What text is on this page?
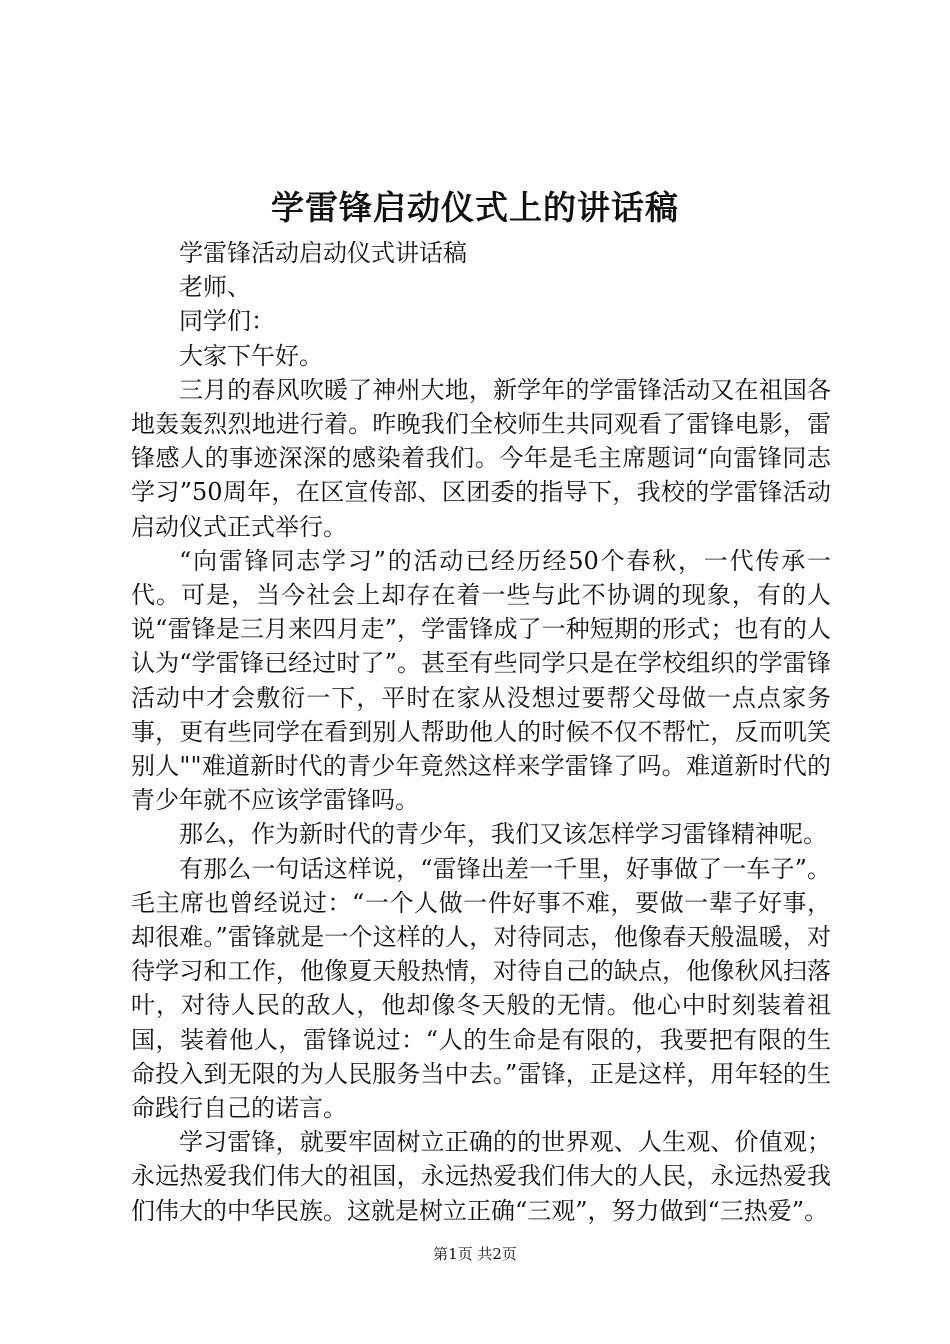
学雷锋启动仪式上的讲话稿

学雷锋活动启动仪式讲话稿

老师、

同学们：

大家下午好。

三月的春风吹暖了神州大地，新学年的学雷锋活动又在祖国各地轰轰烈烈地进行着。昨晚我们全校师生共同观看了雷锋电影，雷锋感人的事迹深深的感染着我们。今年是毛主席题词“向雷锋同志学习”50周年，在区宣传部、区团委的指导下，我校的学雷锋活动启动仪式正式举行。

“向雷锋同志学习”的活动已经历经50个春秋，一代传承一代。可是，当今社会上却存在着一些与此不协调的现象，有的人说“雷锋是三月来四月走”，学雷锋成了一种短期的形式；也有的人认为“学雷锋已经过时了”。甚至有些同学只是在学校组织的学雷锋活动中才会敷衍一下，平时在家从没想过要帮父母做一点点家务事，更有些同学在看到别人帮助他人的时候不仅不帮忙，反而叽笑别人""难道新时代的青少年竟然这样来学雷锋了吗。难道新时代的青少年就不应该学雷锋吗。

那么，作为新时代的青少年，我们又该怎样学习雷锋精神呢。

有那么一句话这样说，“雷锋出差一千里，好事做了一车子”。毛主席也曾经说过：“一个人做一件好事不难，要做一辈子好事，却很难。”雷锋就是一个这样的人，对待同志，他像春天般温暖，对待学习和工作，他像夏天般热情，对待自己的缺点，他像秋风扫落叶，对待人民的敌人，他却像冬天般的无情。他心中时刻装着祖国，装着他人，雷锋说过：“人的生命是有限的，我要把有限的生命投入到无限的为人民服务当中去。”雷锋，正是这样，用年轻的生命践行自己的诺言。

学习雷锋，就要牢固树立正确的的世界观、人生观、价值观；永远热爱我们伟大的祖国，永远热爱我们伟大的人民，永远热爱我们伟大的中华民族。这就是树立正确“三观”，努力做到“三热爱”。

第1页 共2页
